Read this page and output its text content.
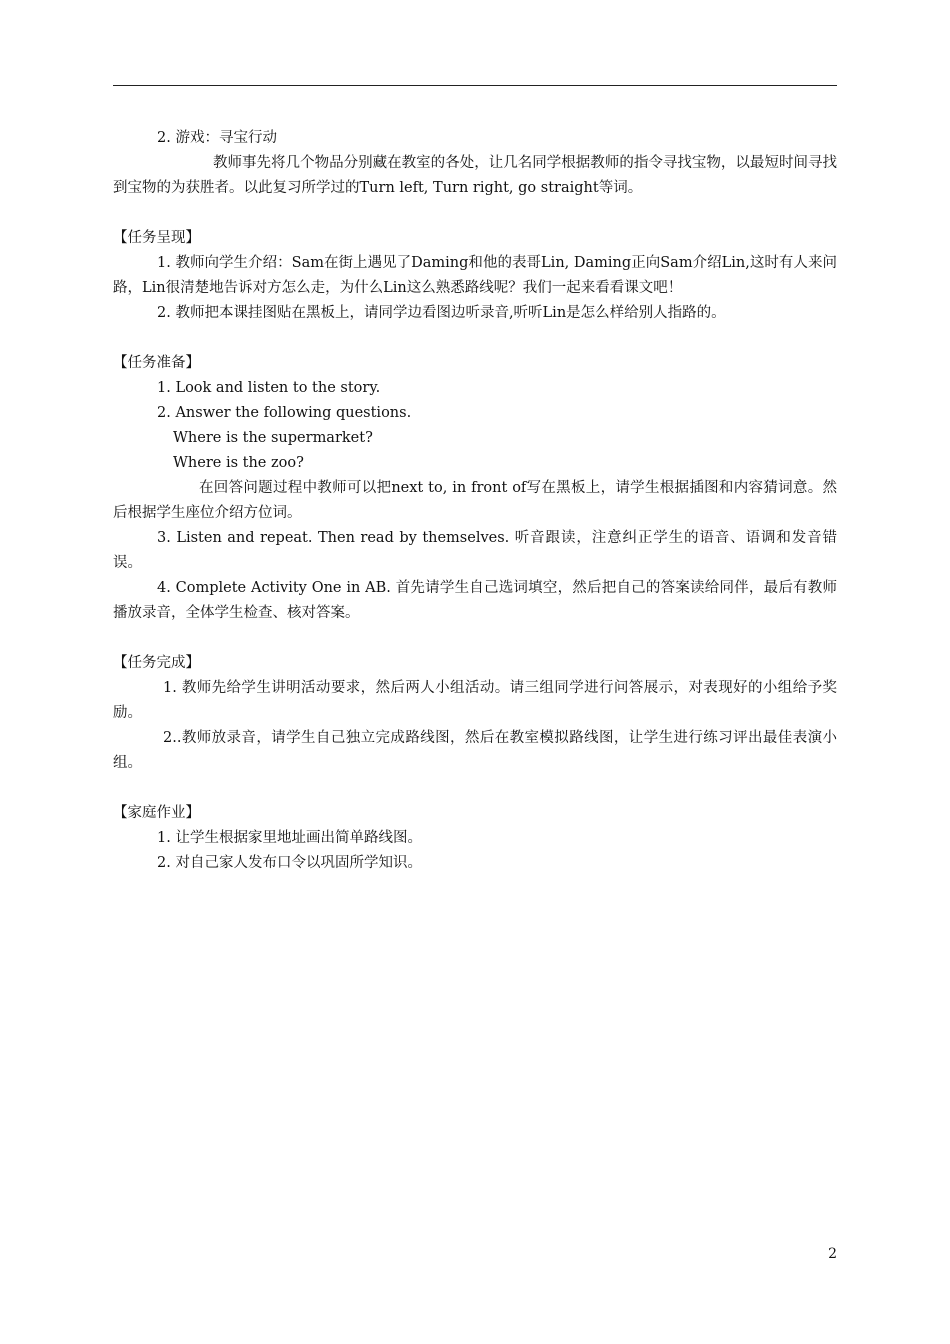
2. 游戏：寻宝行动

教师事先将几个物品分别藏在教室的各处，让几名同学根据教师的指令寻找宝物，以最短时间寻找到宝物的为获胜者。以此复习所学过的Turn left, Turn right, go straight等词。

【任务呈现】

1. 教师向学生介绍：Sam在街上遇见了Daming和他的表哥Lin, Daming正向Sam介绍Lin,这时有人来问路，Lin很清楚地告诉对方怎么走，为什么Lin这么熟悉路线呢？我们一起来看看课文吧！

2. 教师把本课挂图贴在黑板上，请同学边看图边听录音,听听Lin是怎么样给别人指路的。

【任务准备】

1. Look and listen to the story.

2. Answer the following questions.

Where is the supermarket?

Where is the zoo?

在回答问题过程中教师可以把next to, in front of写在黑板上，请学生根据插图和内容猜词意。然后根据学生座位介绍方位词。

3. Listen and repeat. Then read by themselves. 听音跟读，注意纠正学生的语音、语调和发音错误。

4. Complete Activity One in AB. 首先请学生自己选词填空，然后把自己的答案读给同伴，最后有教师播放录音，全体学生检查、核对答案。

【任务完成】

1. 教师先给学生讲明活动要求，然后两人小组活动。请三组同学进行问答展示，对表现好的小组给予奖励。

2..教师放录音，请学生自己独立完成路线图，然后在教室模拟路线图，让学生进行练习评出最佳表演小组。

【家庭作业】

1. 让学生根据家里地址画出简单路线图。

2. 对自己家人发布口令以巩固所学知识。

2
